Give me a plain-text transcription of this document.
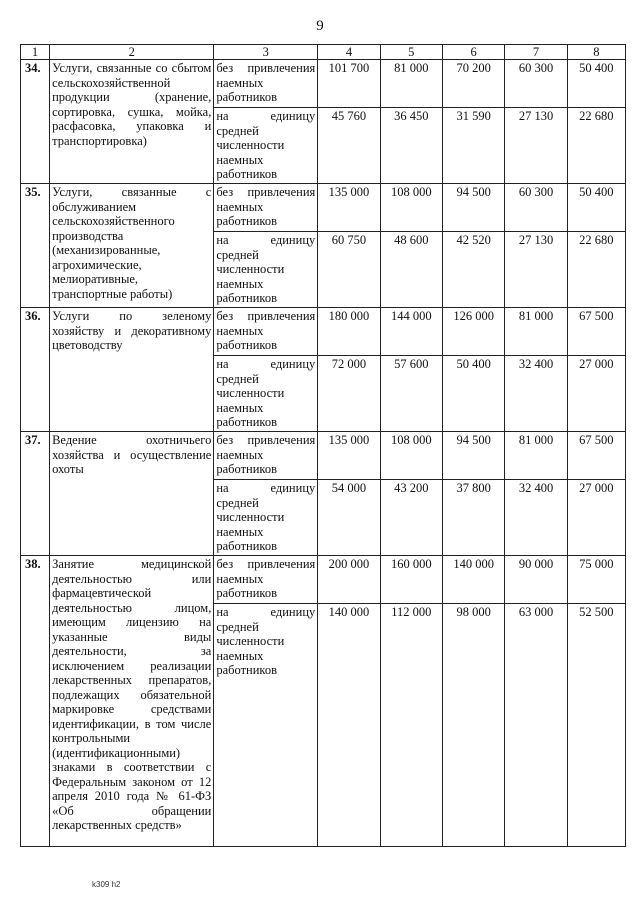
9
1	2	3	4	5	6	7	8
34.	Услуги, связанные со сбытом сельскохозяйственной продукции (хранение, сортировка, сушка, мойка, расфасовка, упаковка и транспортировка)	без привлечения наемных работников	101 700	81 000	70 200	60 300	50 400
		на единицу средней численности наемных работников	45 760	36 450	31 590	27 130	22 680
35.	Услуги, связанные с обслуживанием сельскохозяйственного производства (механизированные, агрохимические, мелиоративные, транспортные работы)	без привлечения наемных работников	135 000	108 000	94 500	60 300	50 400
		на единицу средней численности наемных работников	60 750	48 600	42 520	27 130	22 680
36.	Услуги по зеленому хозяйству и декоративному цветоводству	без привлечения наемных работников	180 000	144 000	126 000	81 000	67 500
		на единицу средней численности наемных работников	72 000	57 600	50 400	32 400	27 000
37.	Ведение охотничьего хозяйства и осуществление охоты	без привлечения наемных работников	135 000	108 000	94 500	81 000	67 500
		на единицу средней численности наемных работников	54 000	43 200	37 800	32 400	27 000
38.	Занятие медицинской деятельностью или фармацевтической деятельностью лицом, имеющим лицензию на указанные виды деятельности, за исключением реализации лекарственных препаратов, подлежащих обязательной маркировке средствами идентификации, в том числе контрольными (идентификационными) знаками в соответствии с Федеральным законом от 12 апреля 2010 года № 61-ФЗ «Об обращении лекарственных средств»	без привлечения наемных работников	200 000	160 000	140 000	90 000	75 000
		на единицу средней численности наемных работников	140 000	112 000	98 000	63 000	52 500
k309 h2
